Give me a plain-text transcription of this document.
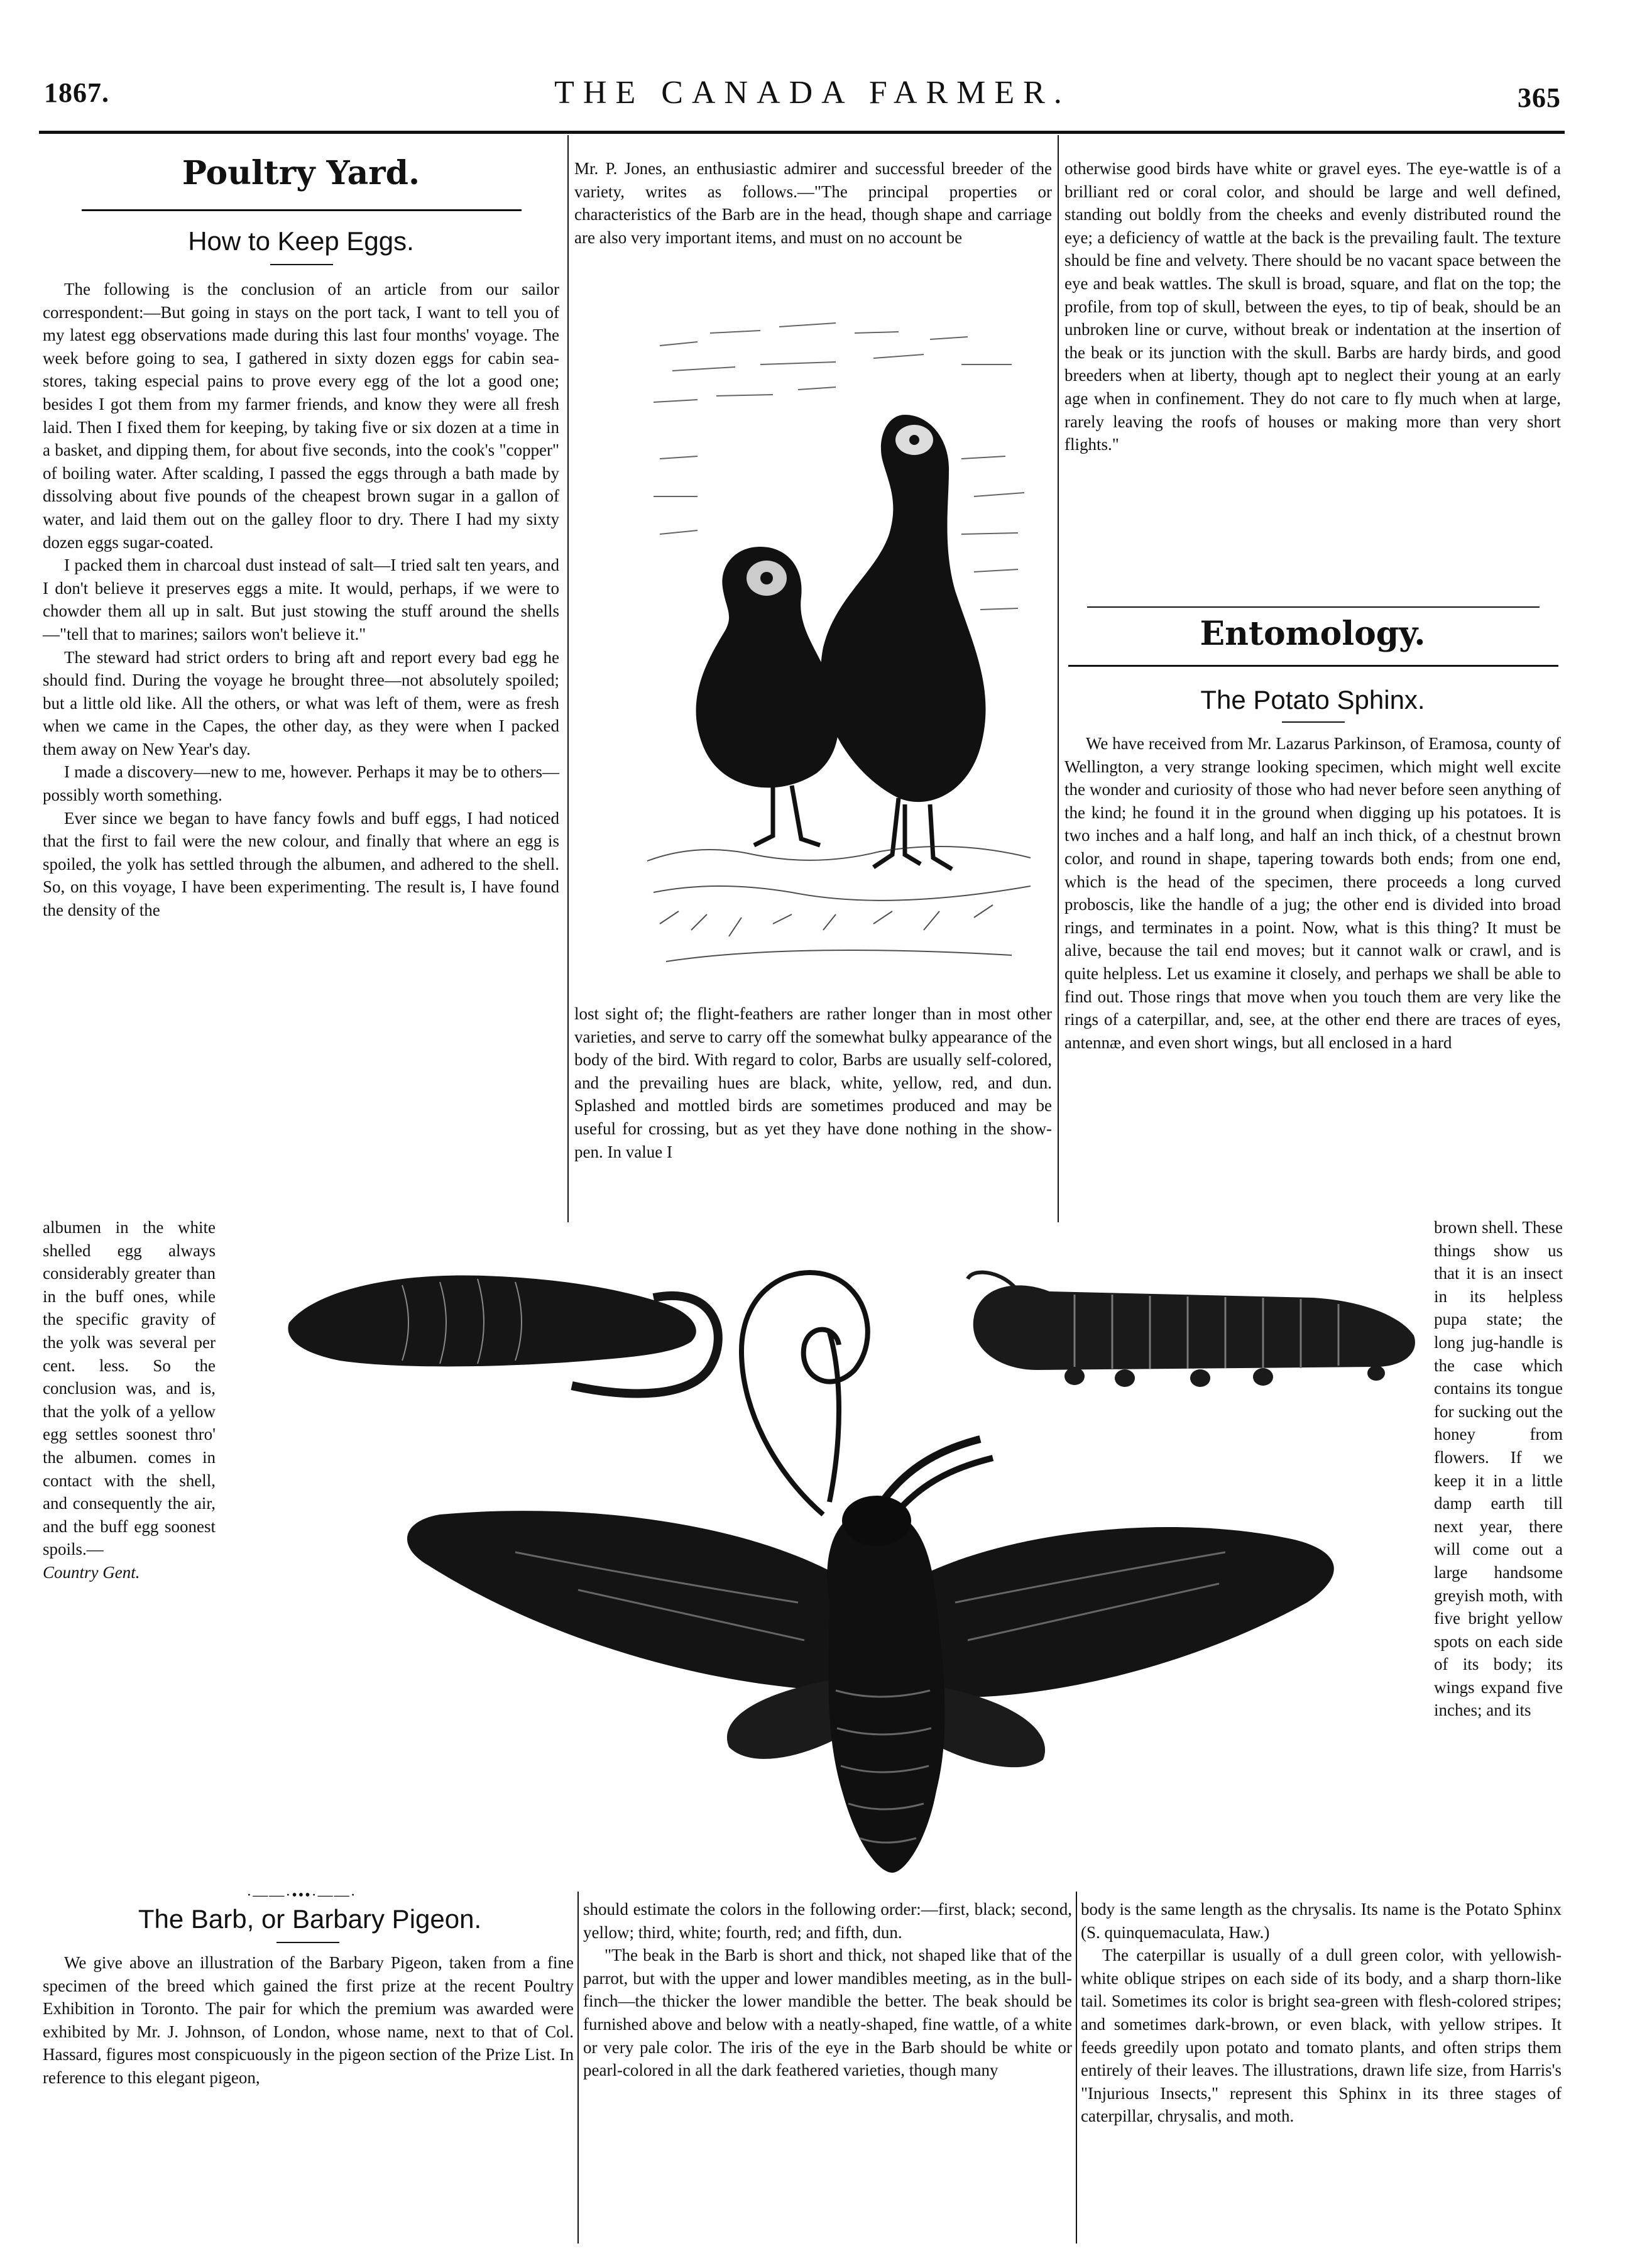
1867.	THE CANADA FARMER.	365
Poultry Yard.
How to Keep Eggs.

The following is the conclusion of an article from our sailor correspondent:—But going in stays on the port tack, I want to tell you of my latest egg observations made during this last four months' voyage. The week before going to sea, I gathered in sixty dozen eggs for cabin sea-stores, taking especial pains to prove every egg of the lot a good one; besides I got them from my farmer friends, and know they were all fresh laid. Then I fixed them for keeping, by taking five or six dozen at a time in a basket, and dipping them, for about five seconds, into the cook's "copper" of boiling water. After scalding, I passed the eggs through a bath made by dissolving about five pounds of the cheapest brown sugar in a gallon of water, and laid them out on the galley floor to dry. There I had my sixty dozen eggs sugar-coated.

I packed them in charcoal dust instead of salt—I tried salt ten years, and I don't believe it preserves eggs a mite. It would, perhaps, if we were to chowder them all up in salt. But just stowing the stuff around the shells—"tell that to marines; sailors won't believe it."

The steward had strict orders to bring aft and report every bad egg he should find. During the voyage he brought three—not absolutely spoiled; but a little old like. All the others, or what was left of them, were as fresh when we came in the Capes, the other day, as they were when I packed them away on New Year's day.

I made a discovery—new to me, however. Perhaps it may be to others—possibly worth something.

Ever since we began to have fancy fowls and buff eggs, I had noticed that the first to fail were the new colour, and finally that where an egg is spoiled, the yolk has settled through the albumen, and adhered to the shell. So, on this voyage, I have been experimenting. The result is, I have found the density of the

albumen in the white shelled egg always considerably greater than in the buff ones, while the specific gravity of the yolk was several per cent. less. So the conclusion was, and is, that the yolk of a yellow egg settles soonest thro' the albumen. comes in contact with the shell, and consequently the air, and the buff egg soonest spoils.—
Country Gent.
·——·•••·——·
The Barb, or Barbary Pigeon.

We give above an illustration of the Barbary Pigeon, taken from a fine specimen of the breed which gained the first prize at the recent Poultry Exhibition in Toronto. The pair for which the premium was awarded were exhibited by Mr. J. Johnson, of London, whose name, next to that of Col. Hassard, figures most conspicuously in the pigeon section of the Prize List. In reference to this elegant pigeon,

Mr. P. Jones, an enthusiastic admirer and successful breeder of the variety, writes as follows.—"The principal properties or characteristics of the Barb are in the head, though shape and carriage are also very important items, and must on no account be

lost sight of; the flight-feathers are rather longer than in most other varieties, and serve to carry off the somewhat bulky appearance of the body of the bird. With regard to color, Barbs are usually self-colored, and the prevailing hues are black, white, yellow, red, and dun. Splashed and mottled birds are sometimes produced and may be useful for crossing, but as yet they have done nothing in the show-pen. In value I

should estimate the colors in the following order:—first, black; second, yellow; third, white; fourth, red; and fifth, dun.

"The beak in the Barb is short and thick, not shaped like that of the parrot, but with the upper and lower mandibles meeting, as in the bull-finch—the thicker the lower mandible the better. The beak should be furnished above and below with a neatly-shaped, fine wattle, of a white or very pale color. The iris of the eye in the Barb should be white or pearl-colored in all the dark feathered varieties, though many

otherwise good birds have white or gravel eyes. The eye-wattle is of a brilliant red or coral color, and should be large and well defined, standing out boldly from the cheeks and evenly distributed round the eye; a deficiency of wattle at the back is the prevailing fault. The texture should be fine and velvety. There should be no vacant space between the eye and beak wattles. The skull is broad, square, and flat on the top; the profile, from top of skull, between the eyes, to tip of beak, should be an unbroken line or curve, without break or indentation at the insertion of the beak or its junction with the skull. Barbs are hardy birds, and good breeders when at liberty, though apt to neglect their young at an early age when in confinement. They do not care to fly much when at large, rarely leaving the roofs of houses or making more than very short flights."

Entomology.
The Potato Sphinx.

We have received from Mr. Lazarus Parkinson, of Eramosa, county of Wellington, a very strange looking specimen, which might well excite the wonder and curiosity of those who had never before seen anything of the kind; he found it in the ground when digging up his potatoes. It is two inches and a half long, and half an inch thick, of a chestnut brown color, and round in shape, tapering towards both ends; from one end, which is the head of the specimen, there proceeds a long curved proboscis, like the handle of a jug; the other end is divided into broad rings, and terminates in a point. Now, what is this thing? It must be alive, because the tail end moves; but it cannot walk or crawl, and is quite helpless. Let us examine it closely, and perhaps we shall be able to find out. Those rings that move when you touch them are very like the rings of a caterpillar, and, see, at the other end there are traces of eyes, antennæ, and even short wings, but all enclosed in a hard

brown shell. These things show us that it is an insect in its helpless pupa state; the long jug-handle is the case which contains its tongue for sucking out the honey from flowers. If we keep it in a little damp earth till next year, there will come out a large handsome greyish moth, with five bright yellow spots on each side of its body; its wings expand five inches; and its

body is the same length as the chrysalis. Its name is the Potato Sphinx (S. quinquemaculata, Haw.)

The caterpillar is usually of a dull green color, with yellowish-white oblique stripes on each side of its body, and a sharp thorn-like tail. Sometimes its color is bright sea-green with flesh-colored stripes; and sometimes dark-brown, or even black, with yellow stripes. It feeds greedily upon potato and tomato plants, and often strips them entirely of their leaves. The illustrations, drawn life size, from Harris's "Injurious Insects," represent this Sphinx in its three stages of caterpillar, chrysalis, and moth.
